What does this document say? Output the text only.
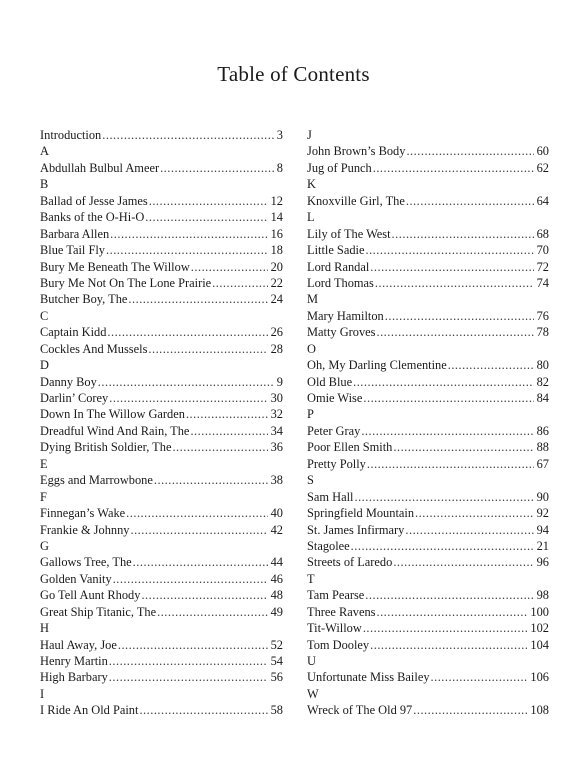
Table of Contents
Introduction .....	3
A
Abdullah Bulbul Ameer .....	8
B
Ballad of Jesse James .....	12
Banks of the O-Hi-O .....	14
Barbara Allen .....	16
Blue Tail Fly .....	18
Bury Me Beneath The Willow .....	20
Bury Me Not On The Lone Prairie .....	22
Butcher Boy, The .....	24
C
Captain Kidd .....	26
Cockles And Mussels .....	28
D
Danny Boy .....	9
Darlin’ Corey .....	30
Down In The Willow Garden .....	32
Dreadful Wind And Rain, The .....	34
Dying British Soldier, The .....	36
E
Eggs and Marrowbone .....	38
F
Finnegan’s Wake .....	40
Frankie & Johnny .....	42
G
Gallows Tree, The .....	44
Golden Vanity .....	46
Go Tell Aunt Rhody .....	48
Great Ship Titanic, The .....	49
H
Haul Away, Joe .....	52
Henry Martin .....	54
High Barbary .....	56
I
I Ride An Old Paint .....	58
J
John Brown’s Body .....	60
Jug of Punch .....	62
K
Knoxville Girl, The .....	64
L
Lily of The West .....	68
Little Sadie .....	70
Lord Randal .....	72
Lord Thomas .....	74
M
Mary Hamilton .....	76
Matty Groves .....	78
O
Oh, My Darling Clementine .....	80
Old Blue .....	82
Omie Wise .....	84
P
Peter Gray .....	86
Poor Ellen Smith .....	88
Pretty Polly .....	67
S
Sam Hall .....	90
Springfield Mountain .....	92
St. James Infirmary .....	94
Stagolee .....	21
Streets of Laredo .....	96
T
Tam Pearse .....	98
Three Ravens .....	100
Tit-Willow .....	102
Tom Dooley .....	104
U
Unfortunate Miss Bailey .....	106
W
Wreck of The Old 97 .....	108
